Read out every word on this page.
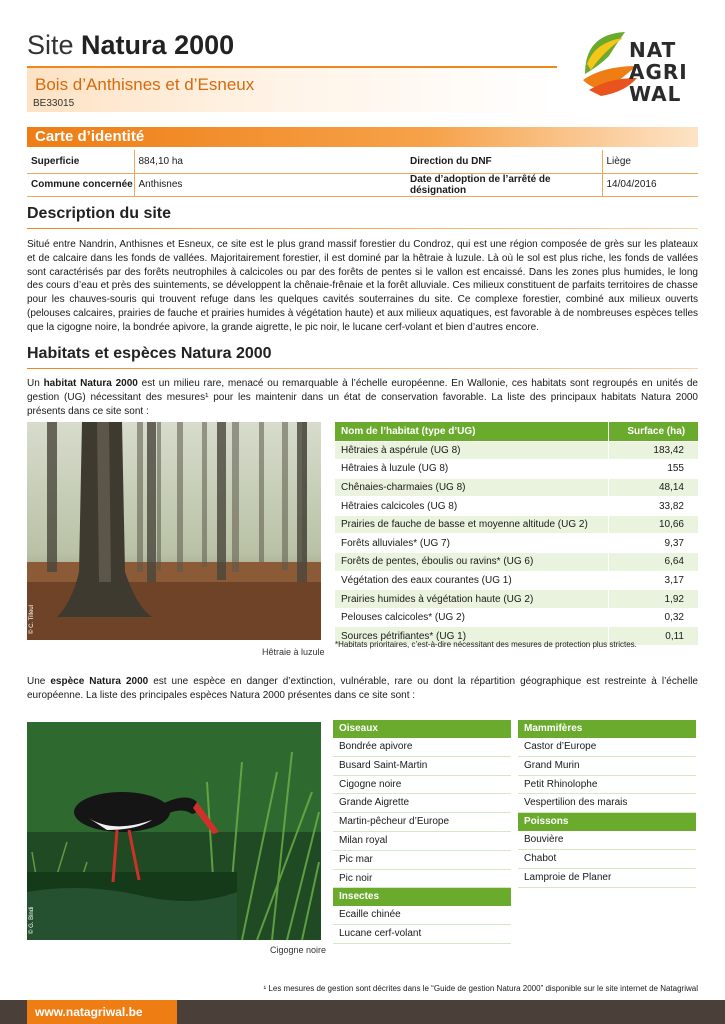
Site Natura 2000
Bois d’Anthisnes et d’Esneux
BE33015
NAT
AGRI
WAL
Carte d’identité
Superficie	884,10 ha	Direction du DNF	Liège
Commune concernée	Anthisnes	Date d’adoption de l’arrêté de désignation	14/04/2016
Description du site

Situé entre Nandrin, Anthisnes et Esneux, ce site est le plus grand massif forestier du Condroz, qui est une région composée de grès sur les plateaux et de calcaire dans les fonds de vallées. Majoritairement forestier, il est dominé par la hêtraie à luzule. Là où le sol est plus riche, les fonds de vallées sont caractérisés par des forêts neutrophiles à calcicoles ou par des forêts de pentes si le vallon est encaissé. Dans les zones plus humides, le long des cours d’eau et près des suintements, se développent la chênaie-frênaie et la forêt alluviale. Ces milieux constituent de parfaits territoires de chasse pour les chauves-souris qui trouvent refuge dans les quelques cavités souterraines du site. Ce complexe forestier, combiné aux milieux ouverts (pelouses calcaires, prairies de fauche et prairies humides à végétation haute) et aux milieux aquatiques, est favorable à de nombreuses espèces telles que la cigogne noire, la bondrée apivore, la grande aigrette, le pic noir, le lucane cerf-volant et bien d’autres encore.

Habitats et espèces Natura 2000

Un habitat Natura 2000 est un milieu rare, menacé ou remarquable à l’échelle européenne. En Wallonie, ces habitats sont regroupés en unités de gestion (UG) nécessitant des mesures¹ pour les maintenir dans un état de conservation favorable. La liste des principaux habitats Natura 2000 présents dans ce site sont :

© C. Tilleul
Hêtraie à luzule
Nom de l’habitat (type d’UG)	Surface (ha)
Hêtraies à aspérule (UG 8)	183,42
Hêtraies à luzule (UG 8)	155
Chênaies-charmaies (UG 8)	48,14
Hêtraies calcicoles (UG 8)	33,82
Prairies de fauche de basse et moyenne altitude (UG 2)	10,66
Forêts alluviales* (UG 7)	9,37
Forêts de pentes, éboulis ou ravins* (UG 6)	6,64
Végétation des eaux courantes (UG 1)	3,17
Prairies humides à végétation haute (UG 2)	1,92
Pelouses calcicoles* (UG 2)	0,32
Sources pétrifiantes* (UG 1)	0,11
*Habitats prioritaires, c’est-à-dire nécessitant des mesures de protection plus strictes.

Une espèce Natura 2000 est une espèce en danger d’extinction, vulnérable, rare ou dont la répartition géographique est restreinte à l’échelle européenne. La liste des principales espèces Natura 2000 présentes dans ce site sont :

© G. Bindi
Cigogne noire
Oiseaux
Bondrée apivore
Busard Saint-Martin
Cigogne noire
Grande Aigrette
Martin-pêcheur d’Europe
Milan royal
Pic mar
Pic noir
Insectes
Ecaille chinée
Lucane cerf-volant
Mammifères
Castor d’Europe
Grand Murin
Petit Rhinolophe
Vespertilion des marais
Poissons
Bouvière
Chabot
Lamproie de Planer
¹ Les mesures de gestion sont décrites dans le “Guide de gestion Natura 2000” disponible sur le site internet de Natagriwal
www.natagriwal.be
